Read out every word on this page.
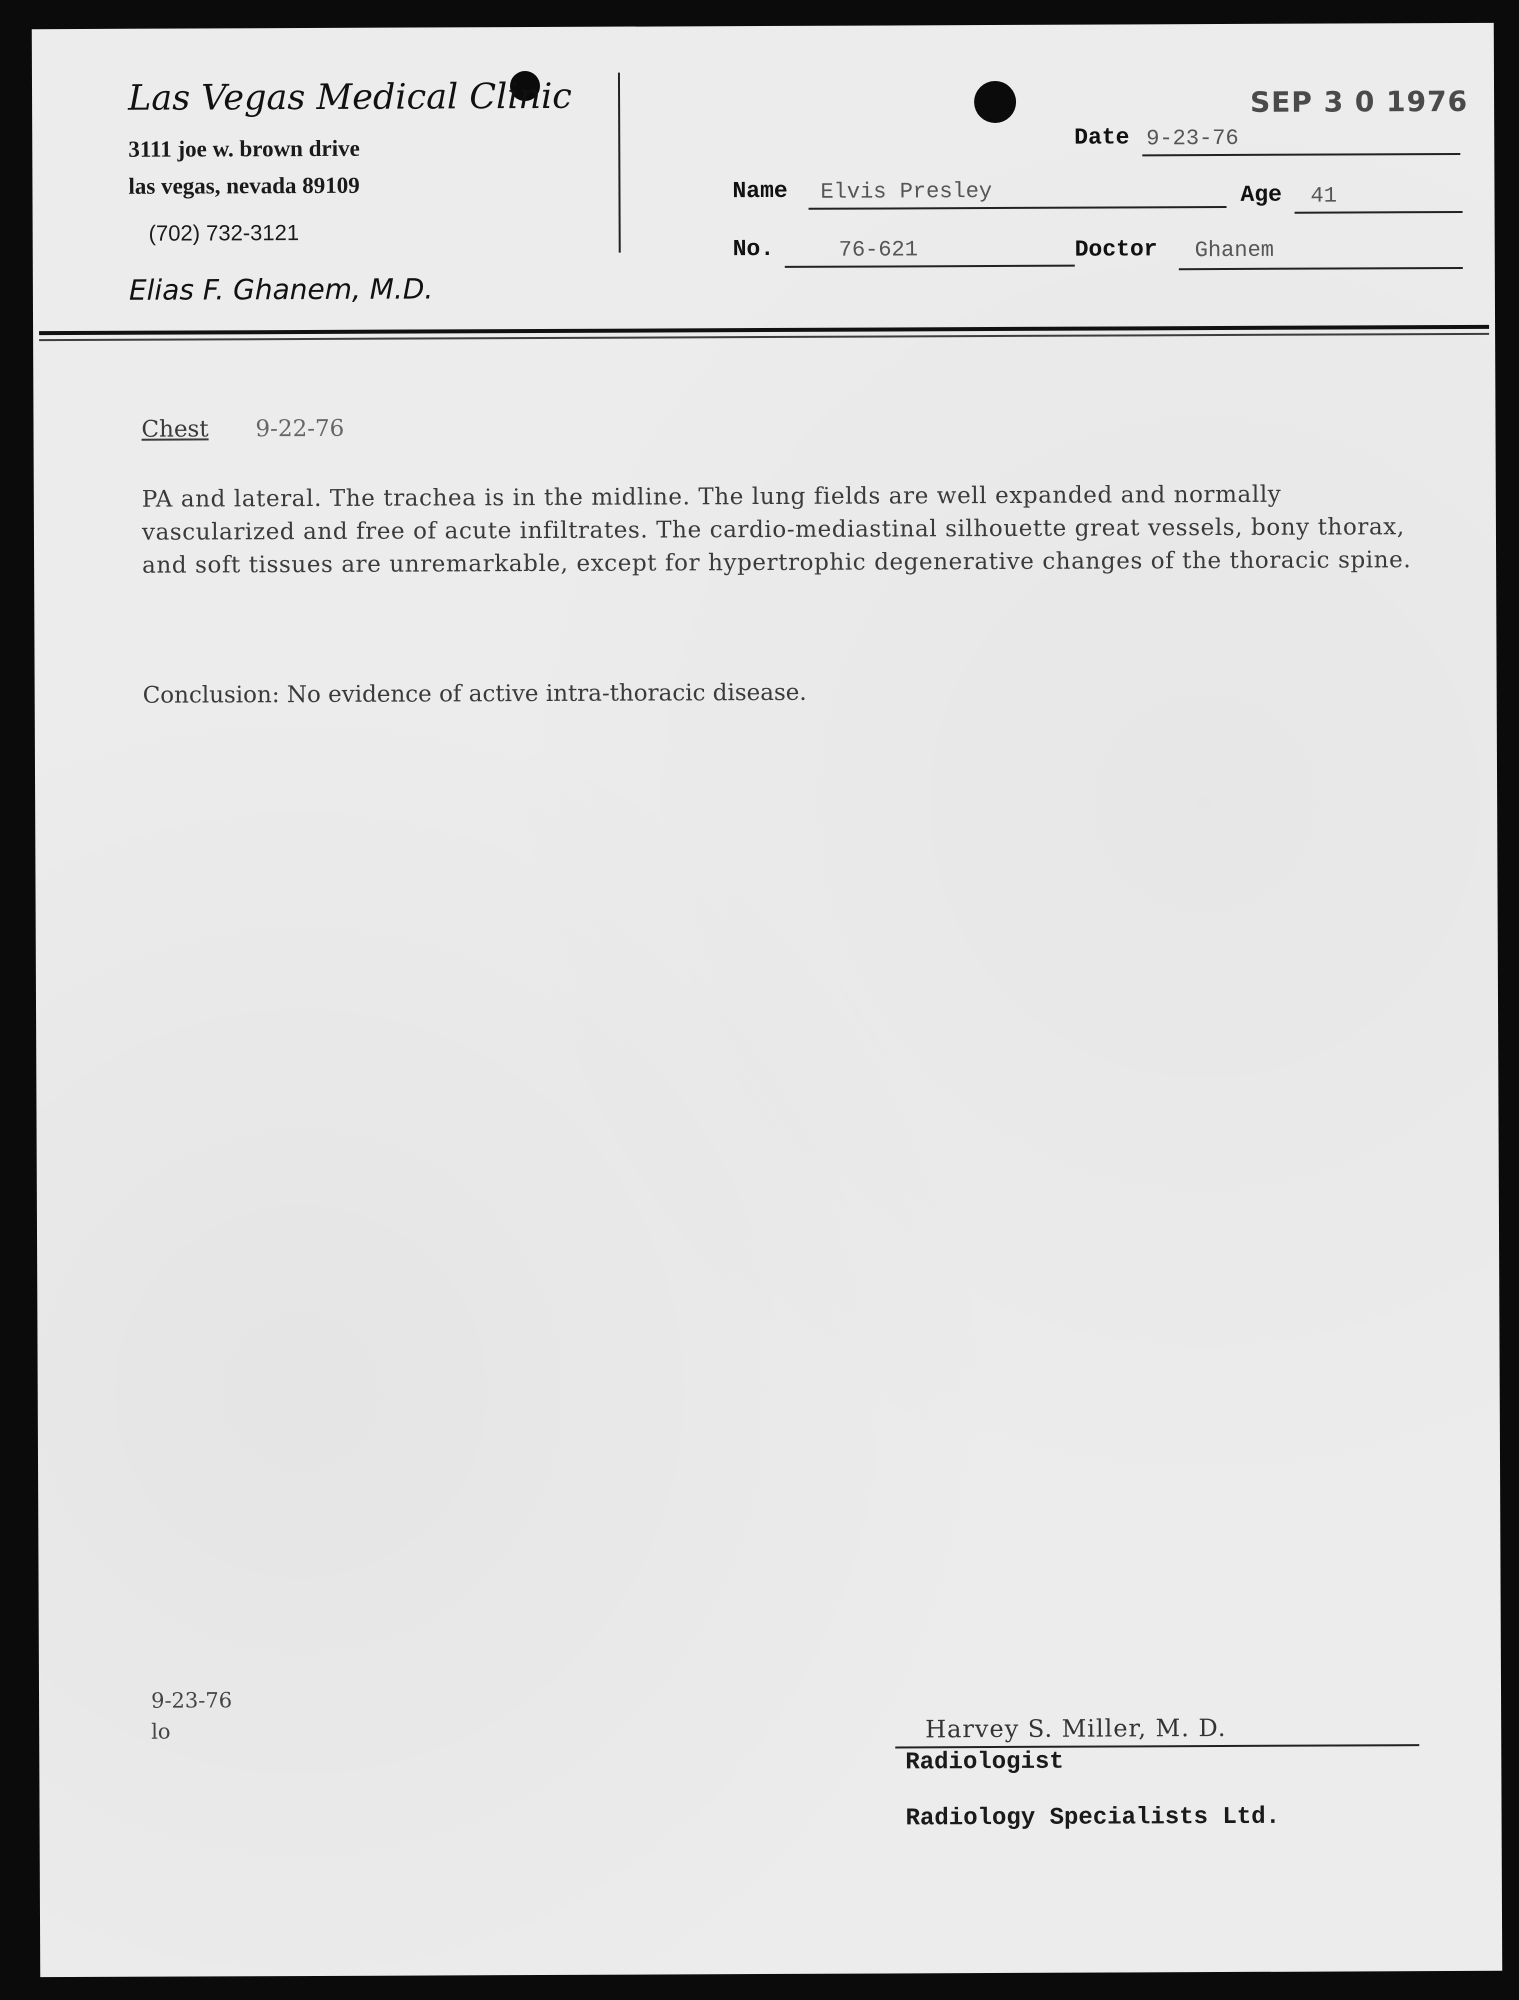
Las Vegas Medical Clinic
3111 joe w. brown drive
las vegas, nevada 89109
(702) 732-3121
Elias F. Ghanem, M.D.
SEP 3 0 1976
Date 9-23-76
Name Elvis Presley	Age 41
No.	76-621	Doctor Ghanem
Chest 9-22-76
PA and lateral. The trachea is in the midline. The lung fields are well expanded and normally vascularized and free of acute infiltrates. The cardio-mediastinal silhouette great vessels, bony thorax, and soft tissues are unremarkable, except for hypertrophic degenerative changes of the thoracic spine.
Conclusion: No evidence of active intra-thoracic disease.
9-23-76
lo	Harvey S. Miller, M. D.
Radiologist
Radiology Specialists Ltd.
